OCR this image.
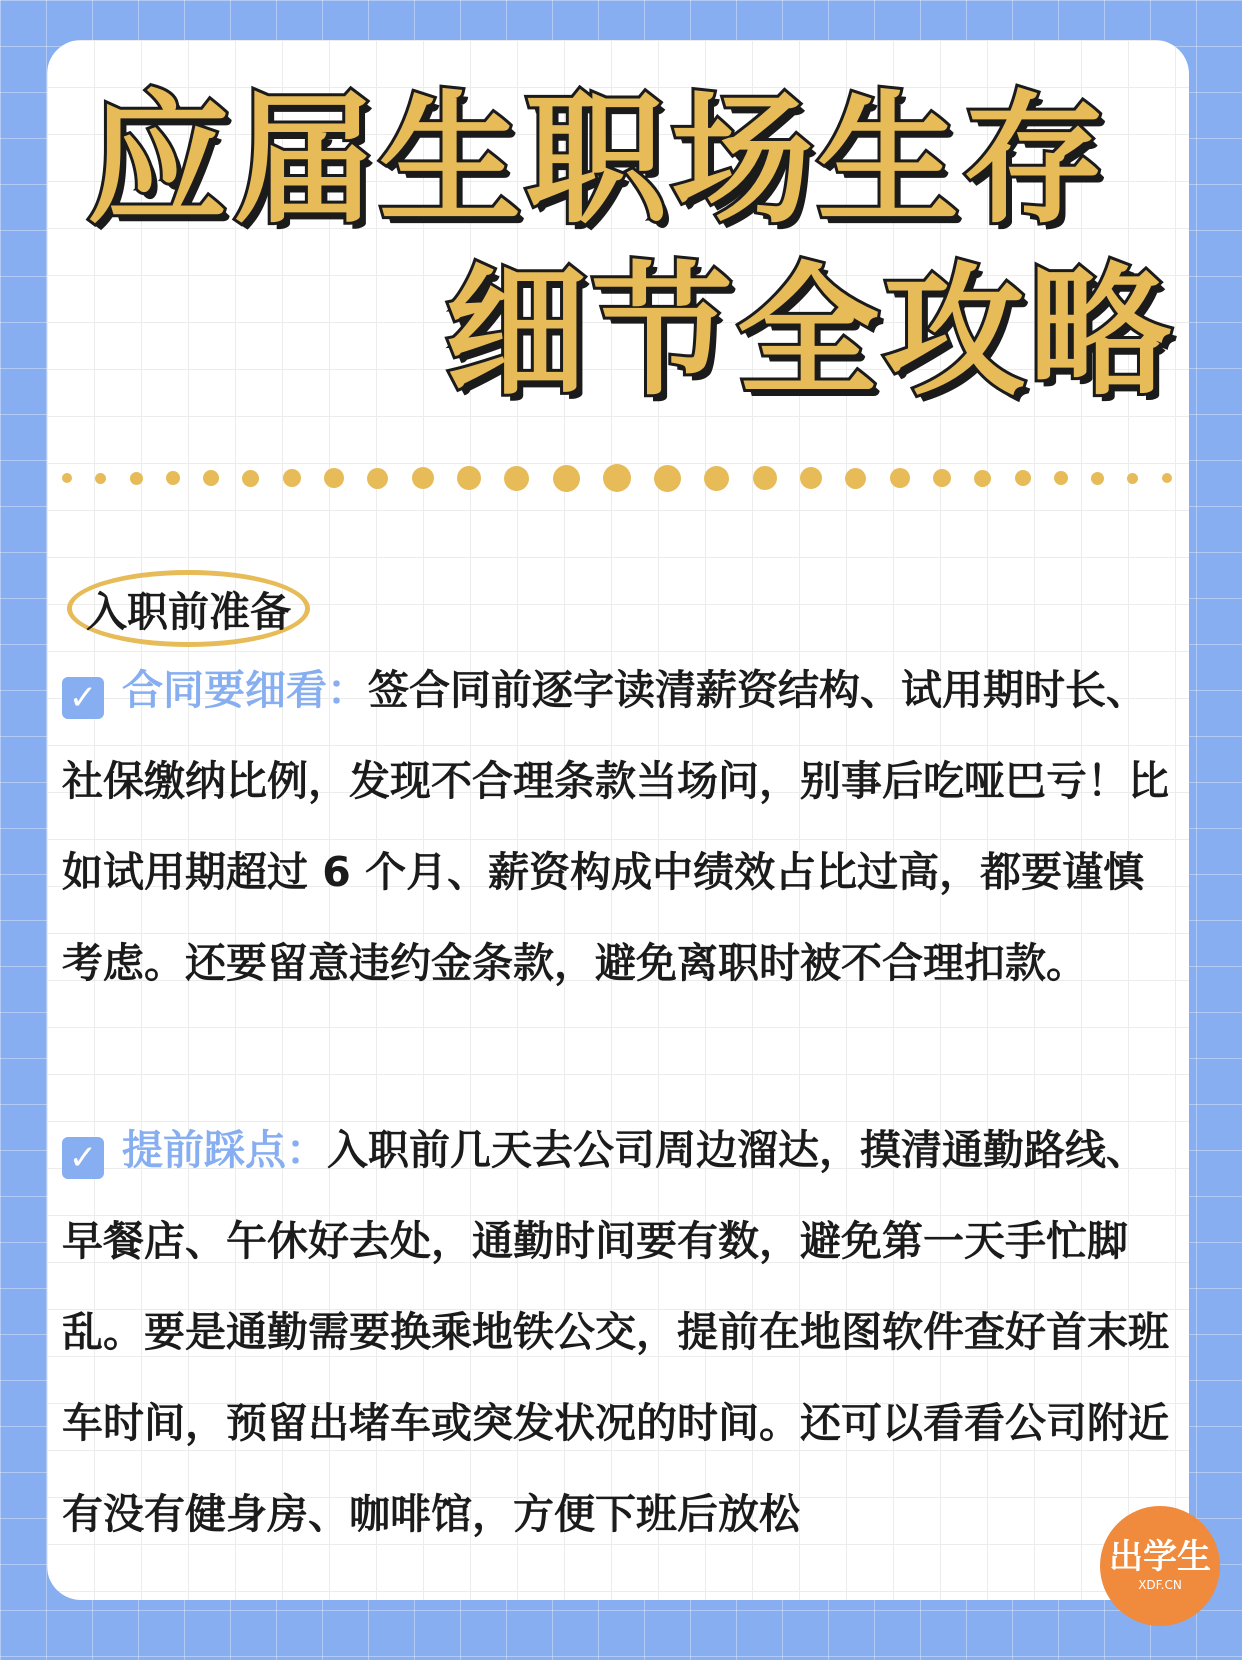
应届生职场生存
细节全攻略
入职前准备

✓ 合同要细看：签合同前逐字读清薪资结构、试用期时长、社保缴纳比例，发现不合理条款当场问，别事后吃哑巴亏！比如试用期超过 6 个月、薪资构成中绩效占比过高，都要谨慎考虑。还要留意违约金条款，避免离职时被不合理扣款。

✓ 提前踩点：入职前几天去公司周边溜达，摸清通勤路线、早餐店、午休好去处，通勤时间要有数，避免第一天手忙脚乱。要是通勤需要换乘地铁公交，提前在地图软件查好首末班车时间，预留出堵车或突发状况的时间。还可以看看公司附近有没有健身房、咖啡馆，方便下班后放松

出学生
XDF.CN
